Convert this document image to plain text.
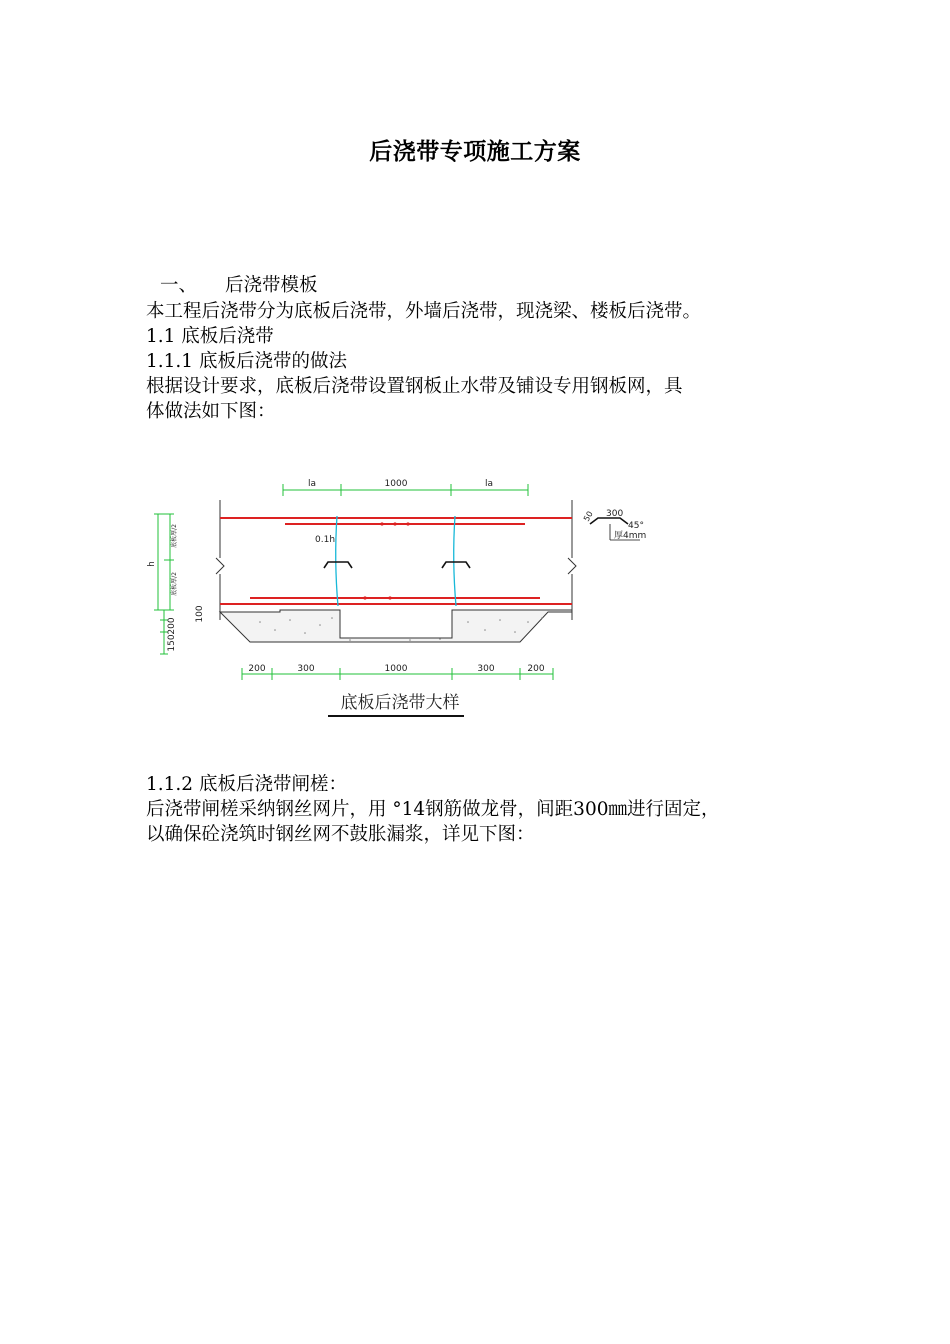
后浇带专项施工方案
一、 后浇带模板
本工程后浇带分为底板后浇带，外墙后浇带，现浇梁、楼板后浇带。
1.1 底板后浇带
1.1.1 底板后浇带的做法
根据设计要求，底板后浇带设置钢板止水带及铺设专用钢板网，具
体做法如下图：
la	1000	la
0.1h
h
底板厚/2
底板厚/2
100
200
150
200	300	1000	300	200
300
50
45°
厚4mm
底板后浇带大样
1.1.2 底板后浇带闸槎：
后浇带闸槎采纳钢丝网片，用 °14钢筋做龙骨，间距300㎜进行固定，
以确保砼浇筑时钢丝网不鼓胀漏浆，详见下图：
